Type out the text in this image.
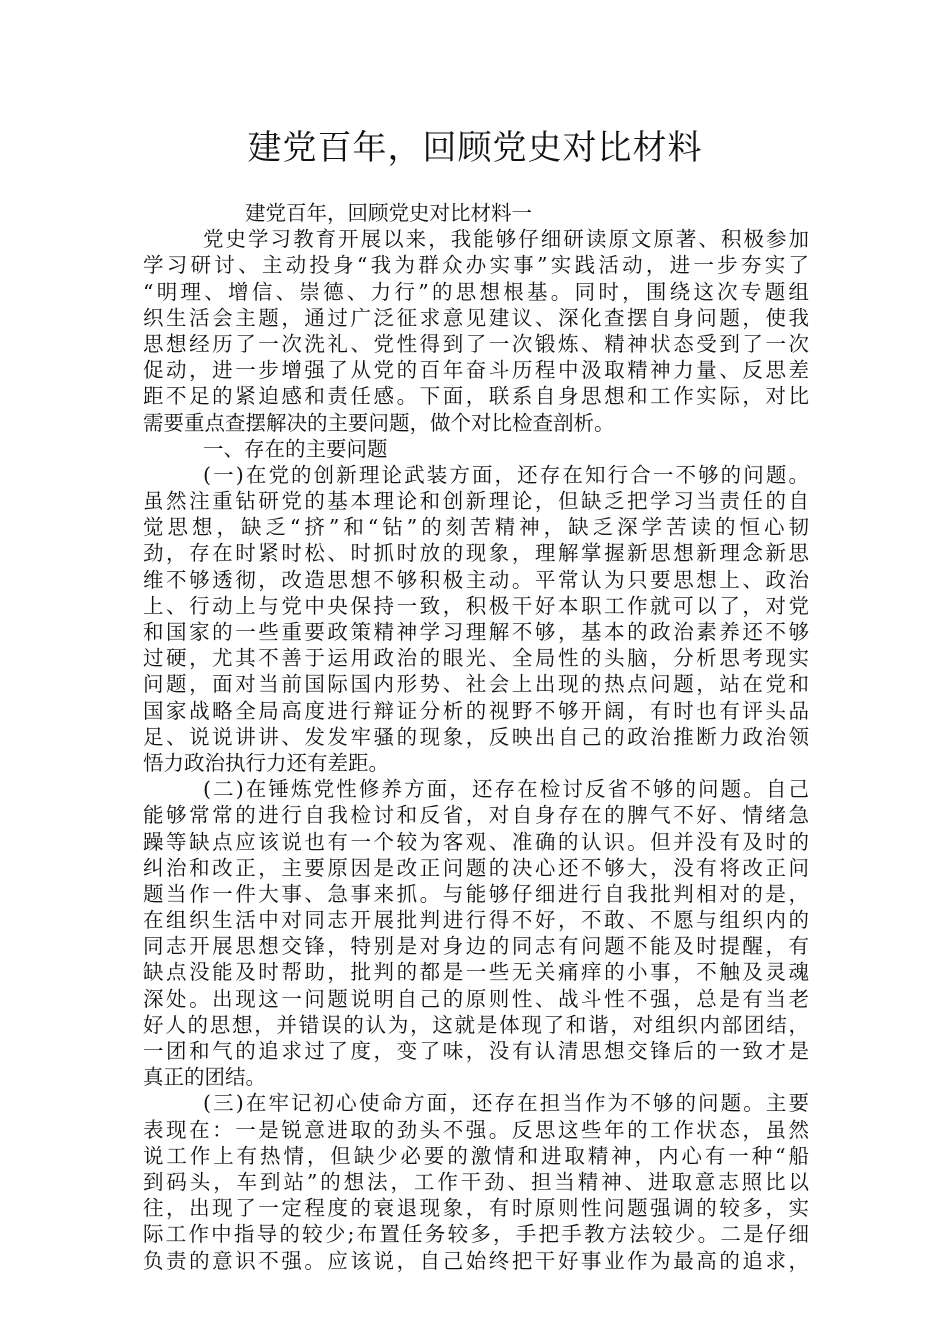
建党百年，回顾党史对比材料
建党百年，回顾党史对比材料一
党史学习教育开展以来，我能够仔细研读原文原著、积极参加
学习研讨、主动投身“我为群众办实事”实践活动，进一步夯实了
“明理、增信、崇德、力行”的思想根基。同时，围绕这次专题组
织生活会主题，通过广泛征求意见建议、深化查摆自身问题，使我
思想经历了一次洗礼、党性得到了一次锻炼、精神状态受到了一次
促动，进一步增强了从党的百年奋斗历程中汲取精神力量、反思差
距不足的紧迫感和责任感。下面，联系自身思想和工作实际，对比
需要重点查摆解决的主要问题，做个对比检查剖析。
一、存在的主要问题
(一)在党的创新理论武装方面，还存在知行合一不够的问题。
虽然注重钻研党的基本理论和创新理论，但缺乏把学习当责任的自
觉思想，缺乏“挤”和“钻”的刻苦精神，缺乏深学苦读的恒心韧
劲，存在时紧时松、时抓时放的现象，理解掌握新思想新理念新思
维不够透彻，改造思想不够积极主动。平常认为只要思想上、政治
上、行动上与党中央保持一致，积极干好本职工作就可以了，对党
和国家的一些重要政策精神学习理解不够，基本的政治素养还不够
过硬，尤其不善于运用政治的眼光、全局性的头脑，分析思考现实
问题，面对当前国际国内形势、社会上出现的热点问题，站在党和
国家战略全局高度进行辩证分析的视野不够开阔，有时也有评头品
足、说说讲讲、发发牢骚的现象，反映出自己的政治推断力政治领
悟力政治执行力还有差距。
(二)在锤炼党性修养方面，还存在检讨反省不够的问题。自己
能够常常的进行自我检讨和反省，对自身存在的脾气不好、情绪急
躁等缺点应该说也有一个较为客观、准确的认识。但并没有及时的
纠治和改正，主要原因是改正问题的决心还不够大，没有将改正问
题当作一件大事、急事来抓。与能够仔细进行自我批判相对的是，
在组织生活中对同志开展批判进行得不好，不敢、不愿与组织内的
同志开展思想交锋，特别是对身边的同志有问题不能及时提醒，有
缺点没能及时帮助，批判的都是一些无关痛痒的小事，不触及灵魂
深处。出现这一问题说明自己的原则性、战斗性不强，总是有当老
好人的思想，并错误的认为，这就是体现了和谐，对组织内部团结，
一团和气的追求过了度，变了味，没有认清思想交锋后的一致才是
真正的团结。
(三)在牢记初心使命方面，还存在担当作为不够的问题。主要
表现在：一是锐意进取的劲头不强。反思这些年的工作状态，虽然
说工作上有热情，但缺少必要的激情和进取精神，内心有一种“船
到码头，车到站”的想法，工作干劲、担当精神、进取意志照比以
往，出现了一定程度的衰退现象，有时原则性问题强调的较多，实
际工作中指导的较少;布置任务较多，手把手教方法较少。二是仔细
负责的意识不强。应该说，自己始终把干好事业作为最高的追求，
